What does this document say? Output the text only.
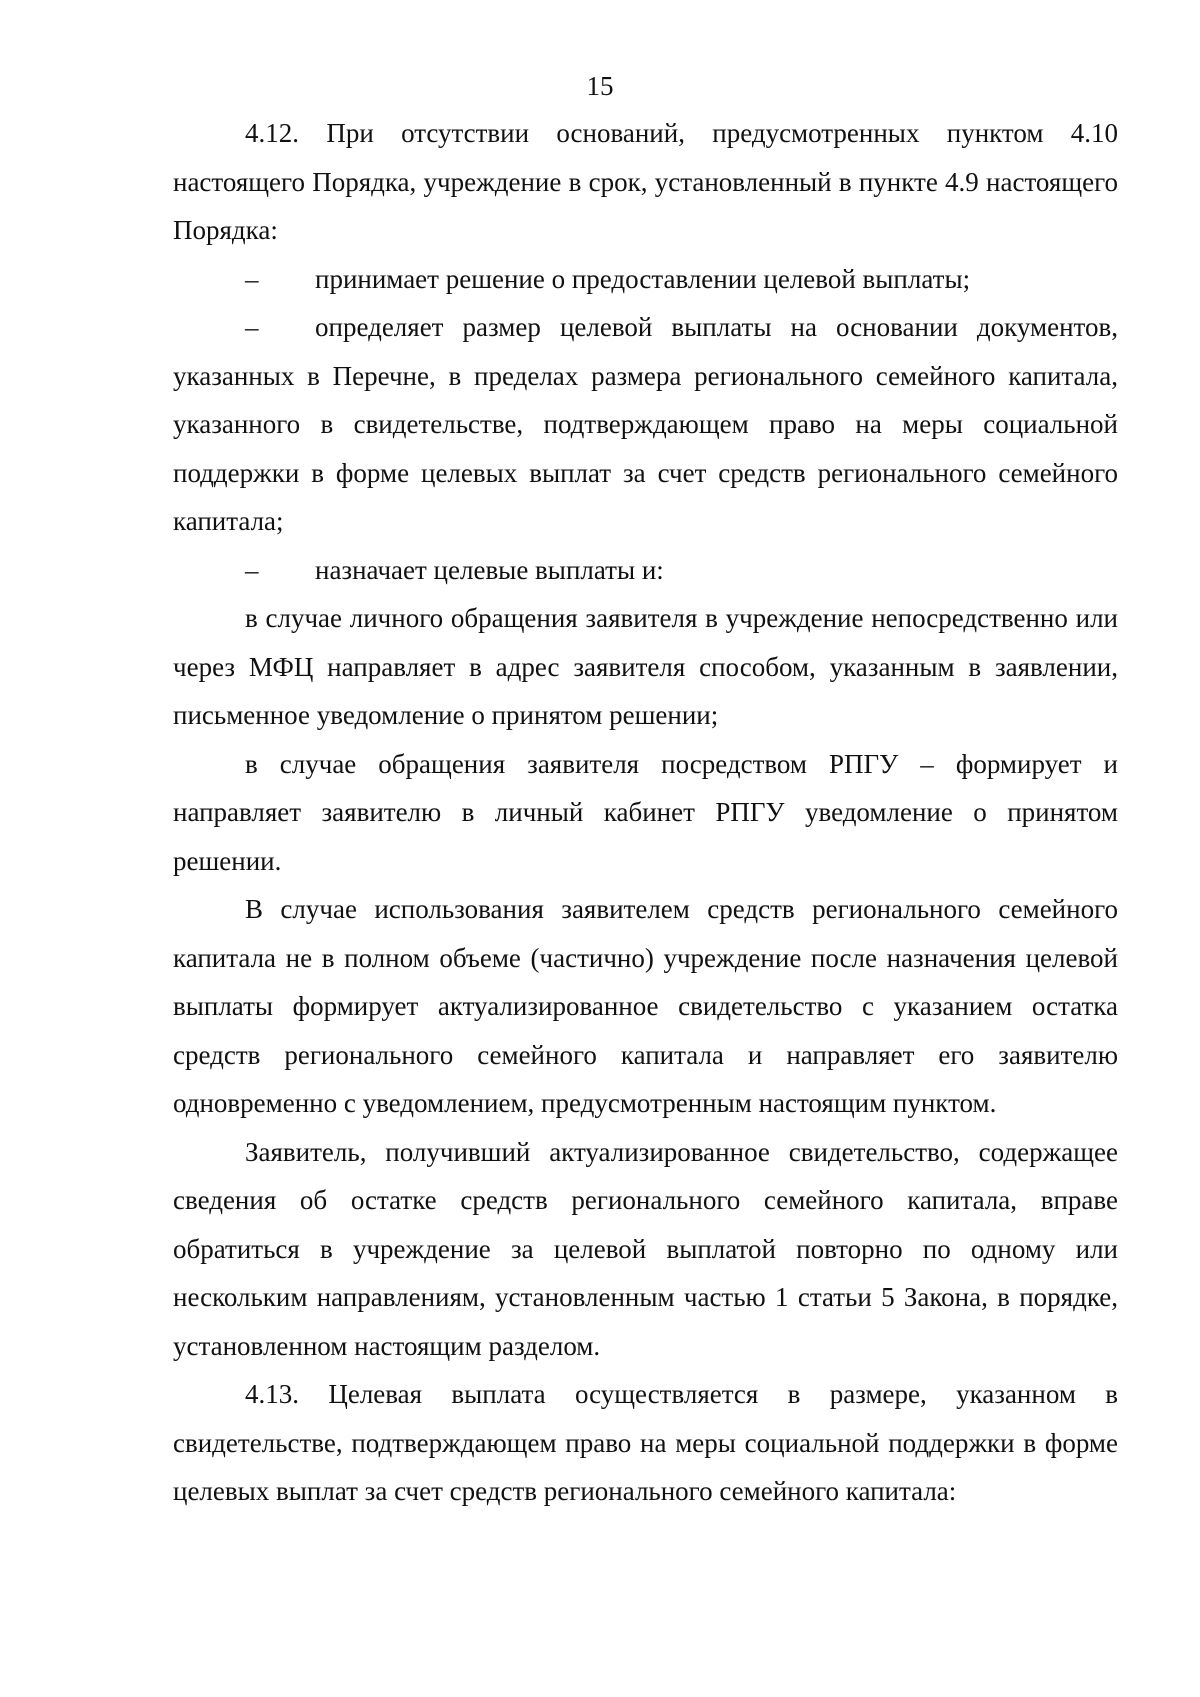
15

4.12. При отсутствии оснований, предусмотренных пунктом 4.10 настоящего Порядка, учреждение в срок, установленный в пункте 4.9 настоящего Порядка:

– принимает решение о предоставлении целевой выплаты;

– определяет размер целевой выплаты на основании документов, указанных в Перечне, в пределах размера регионального семейного капитала, указанного в свидетельстве, подтверждающем право на меры социальной поддержки в форме целевых выплат за счет средств регионального семейного капитала;

– назначает целевые выплаты и:

в случае личного обращения заявителя в учреждение непосредственно или через МФЦ направляет в адрес заявителя способом, указанным в заявлении, письменное уведомление о принятом решении;

в случае обращения заявителя посредством РПГУ – формирует и направляет заявителю в личный кабинет РПГУ уведомление о принятом решении.

В случае использования заявителем средств регионального семейного капитала не в полном объеме (частично) учреждение после назначения целевой выплаты формирует актуализированное свидетельство с указанием остатка средств регионального семейного капитала и направляет его заявителю одновременно с уведомлением, предусмотренным настоящим пунктом.

Заявитель, получивший актуализированное свидетельство, содержащее сведения об остатке средств регионального семейного капитала, вправе обратиться в учреждение за целевой выплатой повторно по одному или нескольким направлениям, установленным частью 1 статьи 5 Закона, в порядке, установленном настоящим разделом.

4.13. Целевая выплата осуществляется в размере, указанном в свидетельстве, подтверждающем право на меры социальной поддержки в форме целевых выплат за счет средств регионального семейного капитала:
